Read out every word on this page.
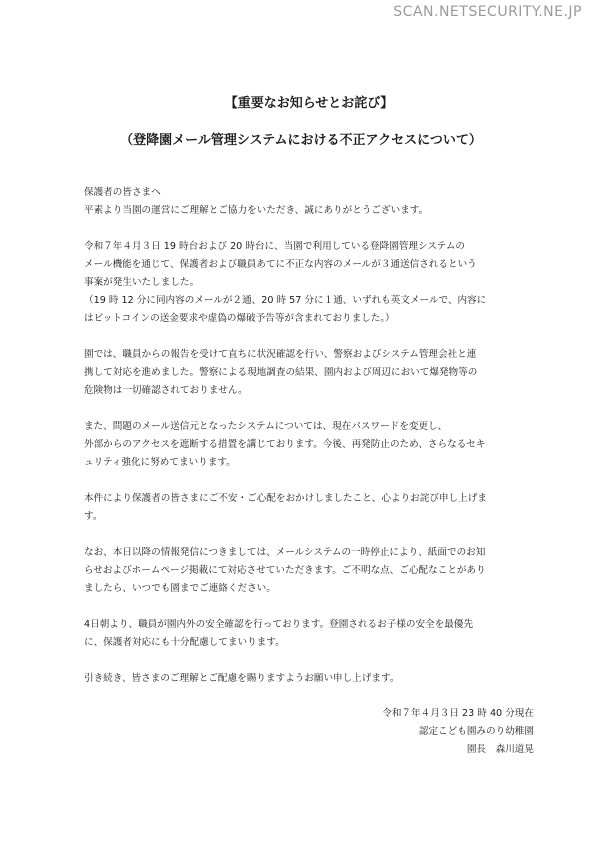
SCAN.NETSECURITY.NE.JP
【重要なお知らせとお詫び】
（登降園メール管理システムにおける不正アクセスについて）
保護者の皆さまへ
平素より当園の運営にご理解とご協力をいただき、誠にありがとうございます。
令和７年４月３日 19 時台および 20 時台に、当園で利用している登降園管理システムの
メール機能を通じて、保護者および職員あてに不正な内容のメールが３通送信されるという
事案が発生いたしました。
（19 時 12 分に同内容のメールが２通、20 時 57 分に１通、いずれも英文メールで、内容に
はビットコインの送金要求や虚偽の爆破予告等が含まれておりました。）
園では、職員からの報告を受けて直ちに状況確認を行い、警察およびシステム管理会社と連
携して対応を進めました。警察による現地調査の結果、園内および周辺において爆発物等の
危険物は一切確認されておりません。
また、問題のメール送信元となったシステムについては、現在パスワードを変更し、
外部からのアクセスを遮断する措置を講じております。今後、再発防止のため、さらなるセキ
ュリティ強化に努めてまいります。
本件により保護者の皆さまにご不安・ご心配をおかけしましたこと、心よりお詫び申し上げま
す。
なお、本日以降の情報発信につきましては、メールシステムの一時停止により、紙面でのお知
らせおよびホームページ掲載にて対応させていただきます。ご不明な点、ご心配なことがあり
ましたら、いつでも園までご連絡ください。
4日朝より、職員が園内外の安全確認を行っております。登園されるお子様の安全を最優先
に、保護者対応にも十分配慮してまいります。
引き続き、皆さまのご理解とご配慮を賜りますようお願い申し上げます。
令和７年４月３日 23 時 40 分現在
認定こども園みのり幼稚園
園長　森川道晃
